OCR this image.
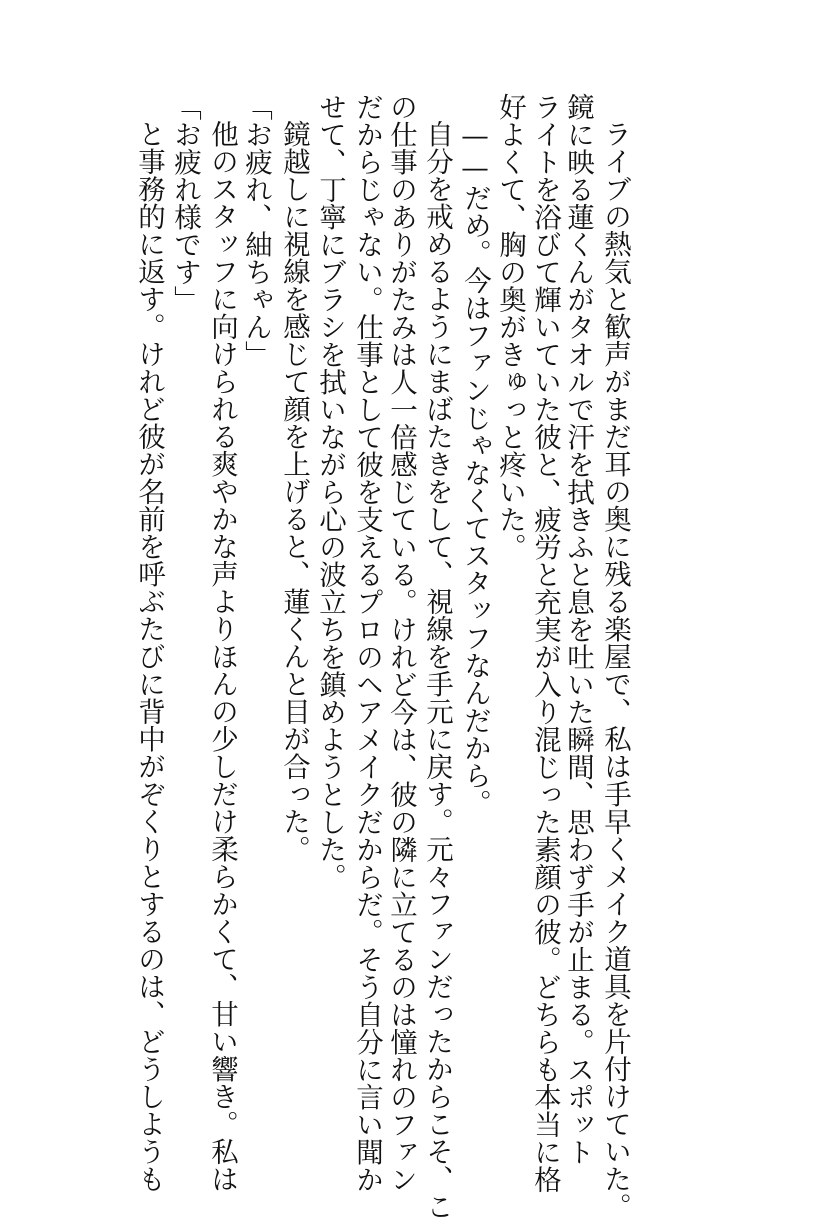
ライブの熱気と歓声がまだ耳の奥に残る楽屋で、私は手早くメイク道具を片付けていた。
鏡に映る蓮くんがタオルで汗を拭きふと息を吐いた瞬間、思わず手が止まる。スポット
ライトを浴びて輝いていた彼と、疲労と充実が入り混じった素顔の彼。どちらも本当に格
好よくて、胸の奥がきゅっと疼いた。
——だめ。今はファンじゃなくてスタッフなんだから。
自分を戒めるようにまばたきをして、視線を手元に戻す。元々ファンだったからこそ、こ
の仕事のありがたみは人一倍感じている。けれど今は、彼の隣に立てるのは憧れのファン
だからじゃない。仕事として彼を支えるプロのヘアメイクだからだ。そう自分に言い聞か
せて、丁寧にブラシを拭いながら心の波立ちを鎮めようとした。
鏡越しに視線を感じて顔を上げると、蓮くんと目が合った。
「お疲れ、紬ちゃん」
他のスタッフに向けられる爽やかな声よりほんの少しだけ柔らかくて、甘い響き。私は
「お疲れ様です」
と事務的に返す。けれど彼が名前を呼ぶたびに背中がぞくりとするのは、どうしようも
